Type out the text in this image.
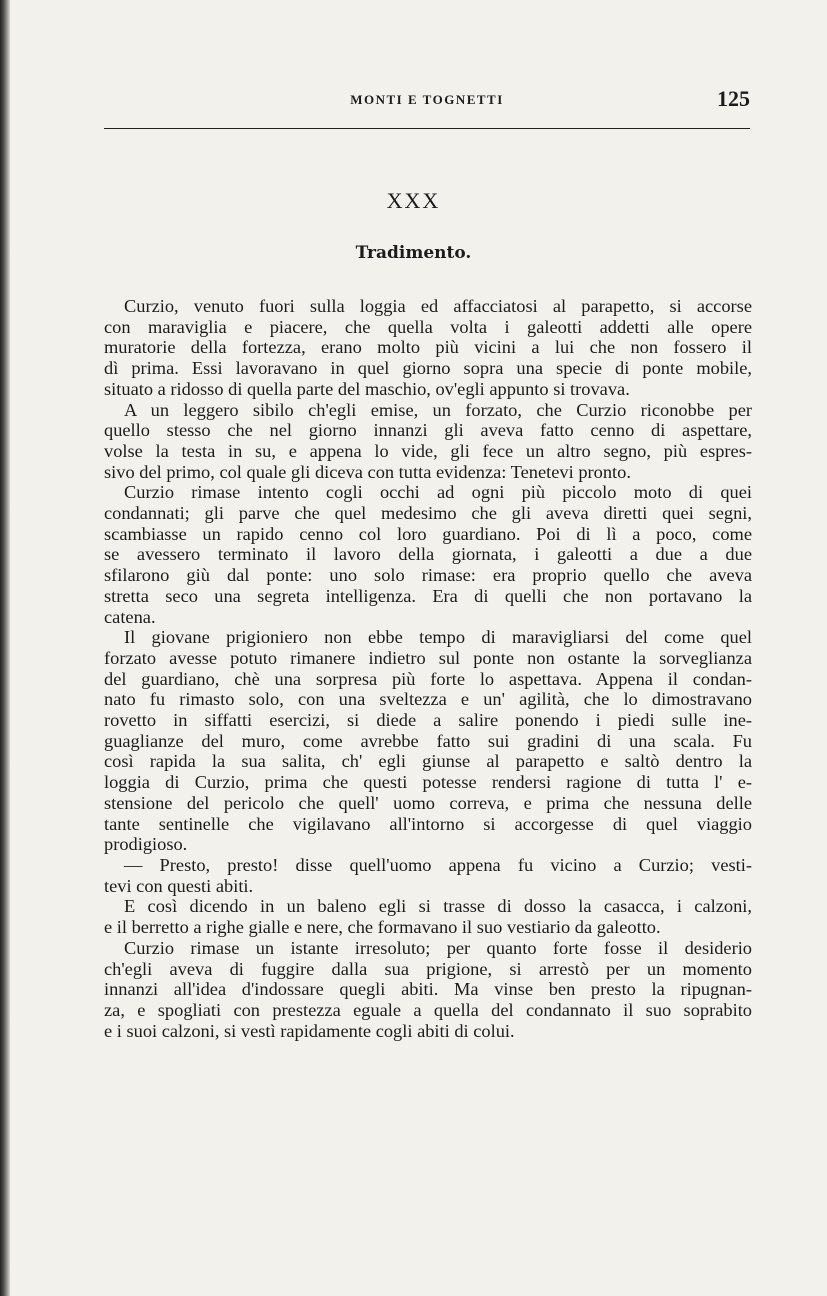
MONTI E TOGNETTI	125
XXX
Tradimento.
Curzio, venuto fuori sulla loggia ed affacciatosi al parapetto, si accorse
con maraviglia e piacere, che quella volta i galeotti addetti alle opere
muratorie della fortezza, erano molto più vicini a lui che non fossero il
dì prima. Essi lavoravano in quel giorno sopra una specie di ponte mobile,
situato a ridosso di quella parte del maschio, ov'egli appunto si trovava.
A un leggero sibilo ch'egli emise, un forzato, che Curzio riconobbe per
quello stesso che nel giorno innanzi gli aveva fatto cenno di aspettare,
volse la testa in su, e appena lo vide, gli fece un altro segno, più espres-
sivo del primo, col quale gli diceva con tutta evidenza: Tenetevi pronto.
Curzio rimase intento cogli occhi ad ogni più piccolo moto di quei
condannati; gli parve che quel medesimo che gli aveva diretti quei segni,
scambiasse un rapido cenno col loro guardiano. Poi di lì a poco, come
se avessero terminato il lavoro della giornata, i galeotti a due a due
sfilarono giù dal ponte: uno solo rimase: era proprio quello che aveva
stretta seco una segreta intelligenza. Era di quelli che non portavano la
catena.
Il giovane prigioniero non ebbe tempo di maravigliarsi del come quel
forzato avesse potuto rimanere indietro sul ponte non ostante la sorveglianza
del guardiano, chè una sorpresa più forte lo aspettava. Appena il condan-
nato fu rimasto solo, con una sveltezza e un' agilità, che lo dimostravano
rovetto in siffatti esercizi, si diede a salire ponendo i piedi sulle ine-
guaglianze del muro, come avrebbe fatto sui gradini di una scala. Fu
così rapida la sua salita, ch' egli giunse al parapetto e saltò dentro la
loggia di Curzio, prima che questi potesse rendersi ragione di tutta l' e-
stensione del pericolo che quell' uomo correva, e prima che nessuna delle
tante sentinelle che vigilavano all'intorno si accorgesse di quel viaggio
prodigioso.
— Presto, presto! disse quell'uomo appena fu vicino a Curzio; vesti-
tevi con questi abiti.
E così dicendo in un baleno egli si trasse di dosso la casacca, i calzoni,
e il berretto a righe gialle e nere, che formavano il suo vestiario da galeotto.
Curzio rimase un istante irresoluto; per quanto forte fosse il desiderio
ch'egli aveva di fuggire dalla sua prigione, si arrestò per un momento
innanzi all'idea d'indossare quegli abiti. Ma vinse ben presto la ripugnan-
za, e spogliati con prestezza eguale a quella del condannato il suo soprabito
e i suoi calzoni, si vestì rapidamente cogli abiti di colui.
